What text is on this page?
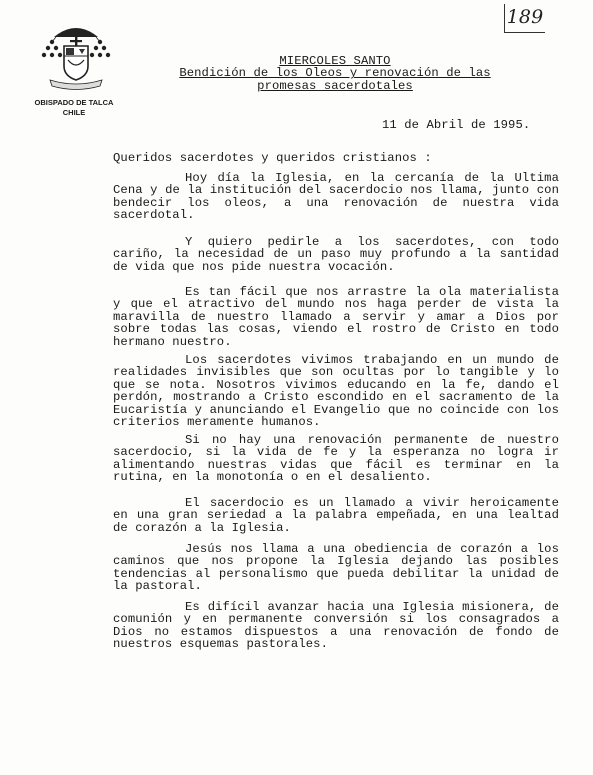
189
OBISPADO DE TALCA
CHILE
MIERCOLES SANTO
Bendición de los Oleos y renovación de las
promesas sacerdotales
11 de Abril de 1995.
Queridos sacerdotes y queridos cristianos :

Hoy día la Iglesia, en la cercanía de la Ultima Cena y de la institución del sacerdocio nos llama, junto con bendecir los oleos, a una renovación de nuestra vida sacerdotal.

Y quiero pedirle a los sacerdotes, con todo cariño, la necesidad de un paso muy profundo a la santidad de vida que nos pide nuestra vocación.

Es tan fácil que nos arrastre la ola materialista y que el atractivo del mundo nos haga perder de vista la maravilla de nuestro llamado a servir y amar a Dios por sobre todas las cosas, viendo el rostro de Cristo en todo hermano nuestro.

Los sacerdotes vivimos trabajando en un mundo de realidades invisibles que son ocultas por lo tangible y lo que se nota. Nosotros vivimos educando en la fe, dando el perdón, mostrando a Cristo escondido en el sacramento de la Eucaristía y anunciando el Evangelio que no coincide con los criterios meramente humanos.

Si no hay una renovación permanente de nuestro sacerdocio, si la vida de fe y la esperanza no logra ir alimentando nuestras vidas que fácil es terminar en la rutina, en la monotonía o en el desaliento.

El sacerdocio es un llamado a vivir heroicamente en una gran seriedad a la palabra empeñada, en una lealtad de corazón a la Iglesia.

Jesús nos llama a una obediencia de corazón a los caminos que nos propone la Iglesia dejando las posibles tendencias al personalismo que pueda debilitar la unidad de la pastoral.

Es difícil avanzar hacia una Iglesia misionera, de comunión y en permanente conversión si los consagrados a Dios no estamos dispuestos a una renovación de fondo de nuestros esquemas pastorales.
